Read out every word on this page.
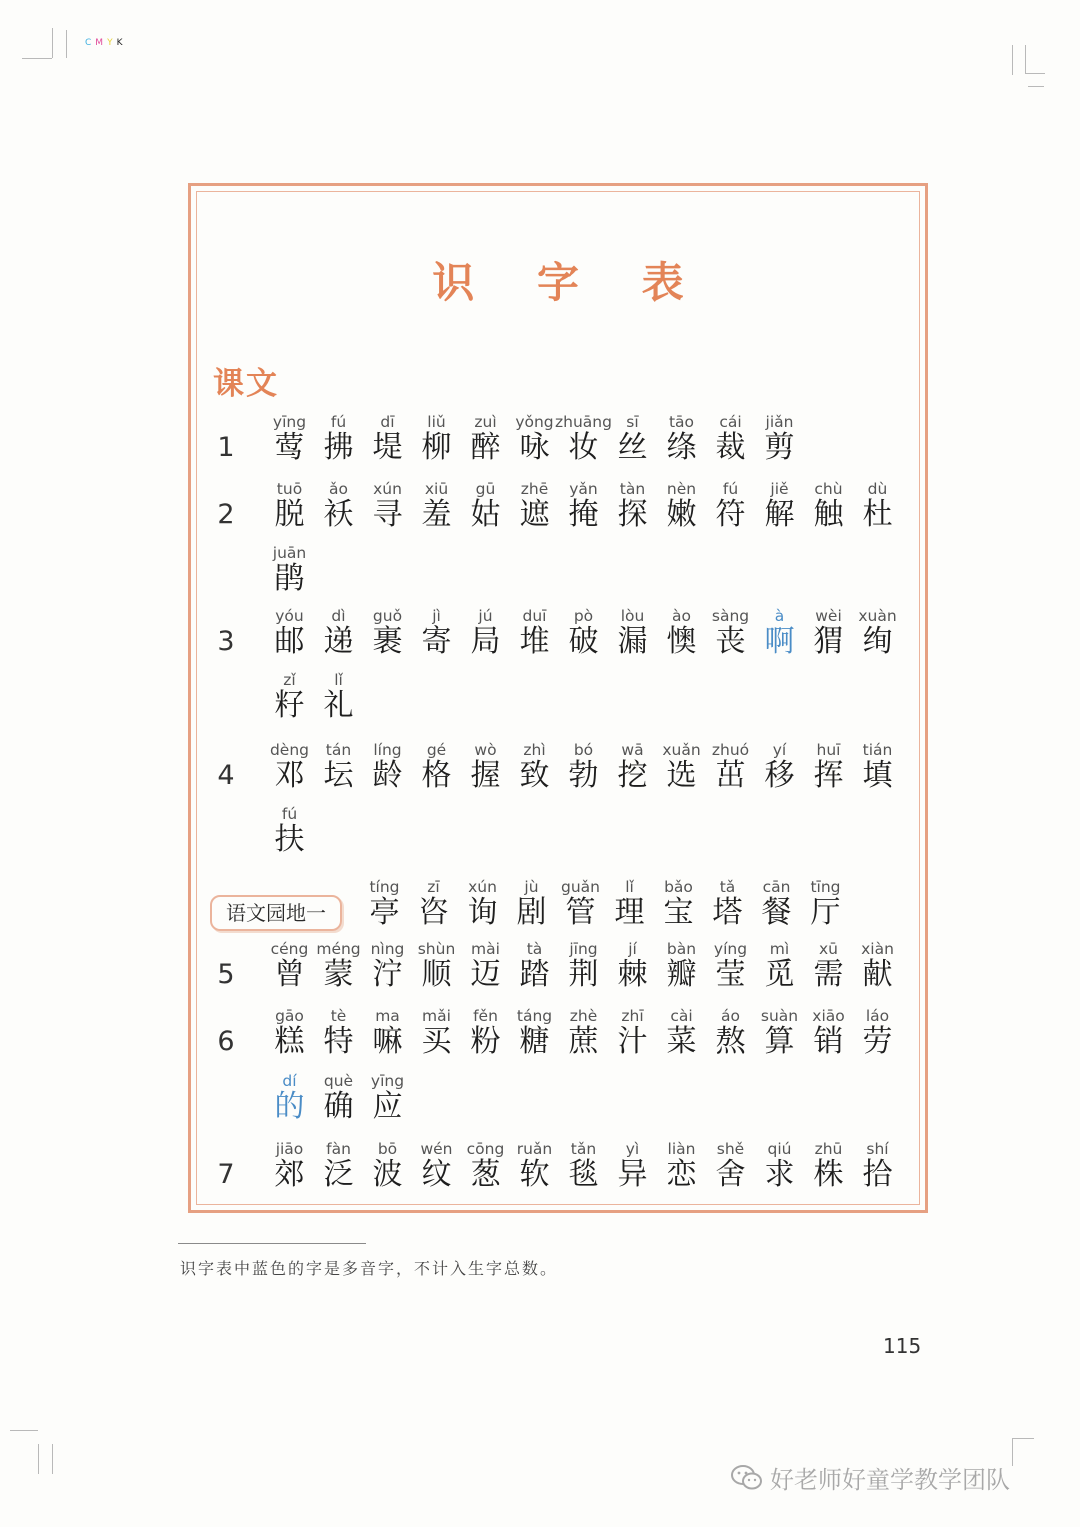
CMYK
识 字 表
课文
1
yīng
莺
fú
拂
dī
堤
liǔ
柳
zuì
醉
yǒng
咏
zhuāng
妆
sī
丝
tāo
绦
cái
裁
jiǎn
剪
2
tuō
脱
ǎo
袄
xún
寻
xiū
羞
gū
姑
zhē
遮
yǎn
掩
tàn
探
nèn
嫩
fú
符
jiě
解
chù
触
dù
杜
juān
鹃
3
yóu
邮
dì
递
guǒ
裹
jì
寄
jú
局
duī
堆
pò
破
lòu
漏
ào
懊
sàng
丧
à
啊
wèi
猬
xuàn
绚
zǐ
籽
lǐ
礼
4
dèng
邓
tán
坛
líng
龄
gé
格
wò
握
zhì
致
bó
勃
wā
挖
xuǎn
选
zhuó
茁
yí
移
huī
挥
tián
填
fú
扶
语文园地一
tíng
亭
zī
咨
xún
询
jù
剧
guǎn
管
lǐ
理
bǎo
宝
tǎ
塔
cān
餐
tīng
厅
5
céng
曾
méng
蒙
nìng
泞
shùn
顺
mài
迈
tà
踏
jīng
荆
jí
棘
bàn
瓣
yíng
莹
mì
觅
xū
需
xiàn
献
6
gāo
糕
tè
特
ma
嘛
mǎi
买
fěn
粉
táng
糖
zhè
蔗
zhī
汁
cài
菜
áo
熬
suàn
算
xiāo
销
láo
劳
dí
的
què
确
yīng
应
7
jiāo
郊
fàn
泛
bō
波
wén
纹
cōng
葱
ruǎn
软
tǎn
毯
yì
异
liàn
恋
shě
舍
qiú
求
zhū
株
shí
拾
识字表中蓝色的字是多音字，不计入生字总数。
115
好老师好童学教学团队
